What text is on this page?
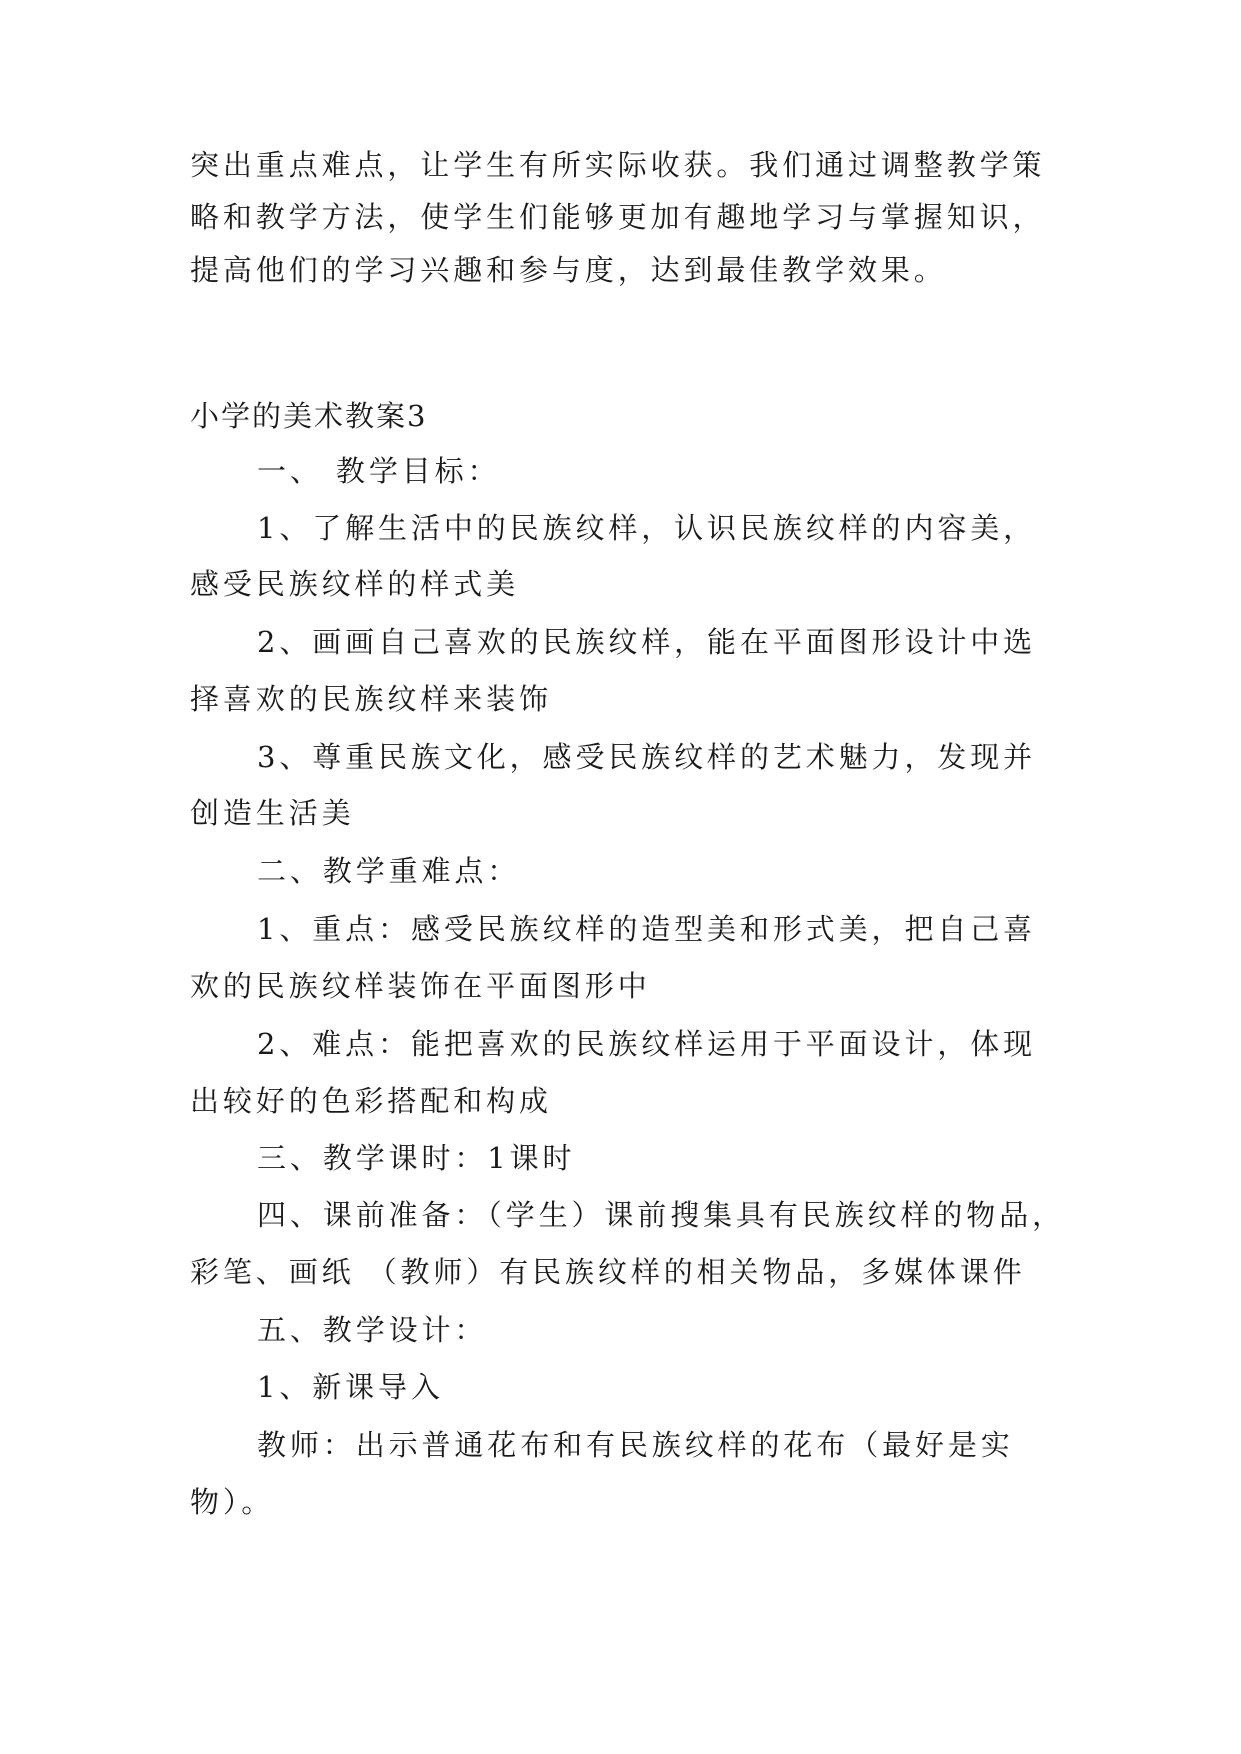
突出重点难点，让学生有所实际收获。我们通过调整教学策
略和教学方法，使学生们能够更加有趣地学习与掌握知识，
提高他们的学习兴趣和参与度，达到最佳教学效果。
小学的美术教案3
一、 教学目标：
1、了解生活中的民族纹样，认识民族纹样的内容美，
感受民族纹样的样式美
2、画画自己喜欢的民族纹样，能在平面图形设计中选
择喜欢的民族纹样来装饰
3、尊重民族文化，感受民族纹样的艺术魅力，发现并
创造生活美
二、教学重难点：
1、重点：感受民族纹样的造型美和形式美，把自己喜
欢的民族纹样装饰在平面图形中
2、难点：能把喜欢的民族纹样运用于平面设计，体现
出较好的色彩搭配和构成
三、教学课时：1课时
四、课前准备：（学生）课前搜集具有民族纹样的物品，
彩笔、画纸 （教师）有民族纹样的相关物品，多媒体课件
五、教学设计：
1、新课导入
教师：出示普通花布和有民族纹样的花布（最好是实
物）。
